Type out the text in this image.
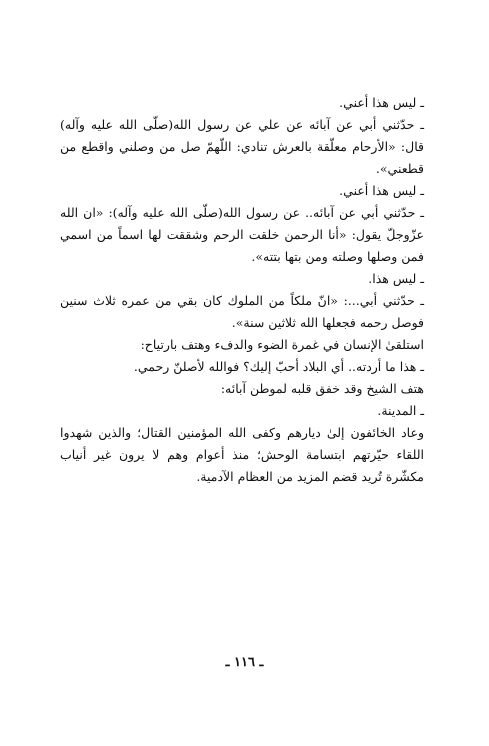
ـ ليس هذا أعني.

ـ حدّثني أبي عن آبائه عن علي عن رسول الله(صلّى الله عليه وآله) قال: «الأرحام معلّقة بالعرش تنادي: اللّهمّ صل من وصلني واقطع من قطعني».

ـ ليس هذا أعني.

ـ حدّثني أبي عن آبائه.. عن رسول الله(صلّى الله عليه وآله): «ان الله عزّوجلّ يقول: «أنا الرحمن خلقت الرحم وشققت لها اسماً من اسمي فمن وصلها وصلته ومن بتها بتته».

ـ ليس هذا.

ـ حدّثني أبي...: «انّ ملكاً من الملوك كان بقي من عمره ثلاث سنين فوصل رحمه فجعلها الله ثلاثين سنة».

استلقىٰ الإنسان في غمرة الضوء والدفء وهتف بارتياح:

ـ هذا ما أردته.. أي البلاد أحبّ إليك؟ فوالله لأصلنّ رحمي.

هتف الشيخ وقد خفق قلبه لموطن آبائه:

ـ المدينة.

وعاد الخائفون إلىٰ ديارهم وكفى الله المؤمنين القتال؛ والذين شهدوا اللقاء حيّرتهم ابتسامة الوحش؛ منذ أعوام وهم لا يرون غير أنياب مكشّرة تُريد قضم المزيد من العظام الآدمية.

ـ ١١٦ ـ
